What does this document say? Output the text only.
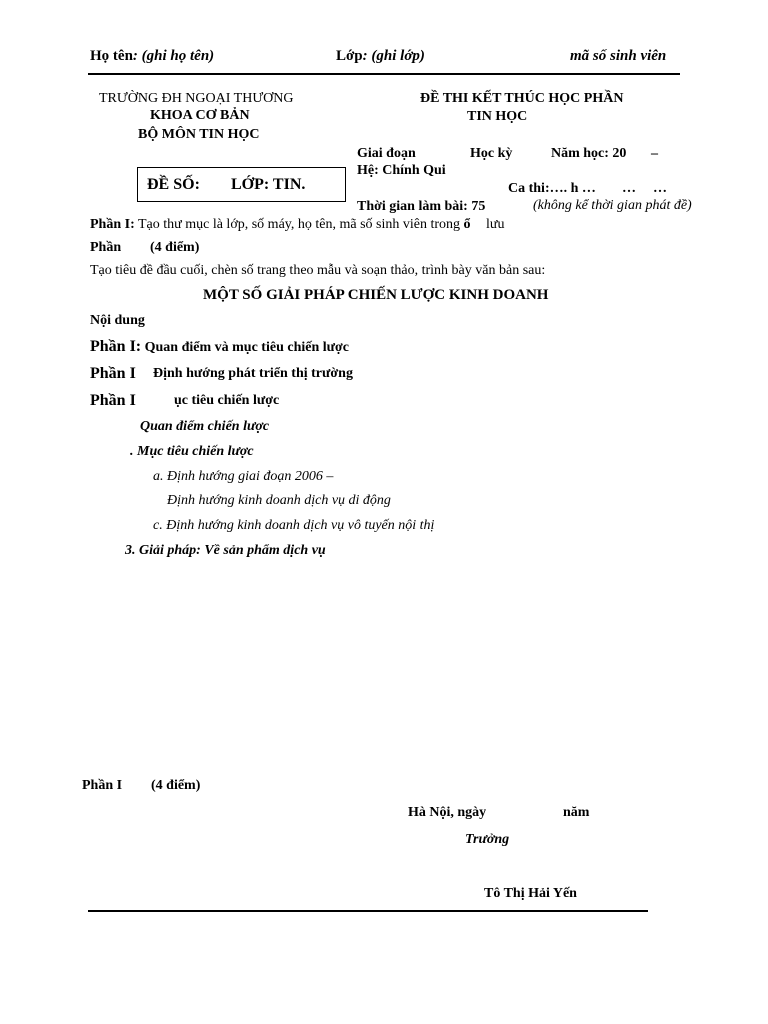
Họ tên: (ghi họ tên)	Lớp: (ghi lớp)	mã số sinh viên
TRƯỜNG ĐH NGOẠI THƯƠNG
KHOA CƠ BẢN
BỘ MÔN TIN HỌC
ĐỀ THI KẾT THÚC HỌC PHẦN
TIN HỌC
Giai đoạn	Học kỳ	Năm học: 20 –
Hệ: Chính Qui
Ca thi:…. h … … …
Thời gian làm bài: 75	(không kể thời gian phát đề)
ĐỀ SỐ: LỚP: TIN.
Phần I: Tạo thư mục là lớp, số máy, họ tên, mã số sinh viên trong ổ lưu
Phần (4 điểm)
Tạo tiêu đề đầu cuối, chèn số trang theo mẫu và soạn thảo, trình bày văn bản sau:
MỘT SỐ GIẢI PHÁP CHIẾN LƯỢC KINH DOANH
Nội dung
Phần I: Quan điểm và mục tiêu chiến lược
Phần I Định hướng phát triển thị trường
Phần I	ục tiêu chiến lược
Quan điểm chiến lược
. Mục tiêu chiến lược
a. Định hướng giai đoạn 2006 –
Định hướng kinh doanh dịch vụ di động
c. Định hướng kinh doanh dịch vụ vô tuyến nội thị
3. Giải pháp: Về sản phẩm dịch vụ
Phần I (4 điểm)
Hà Nội, ngày	năm
Trưởng
Tô Thị Hải Yến
